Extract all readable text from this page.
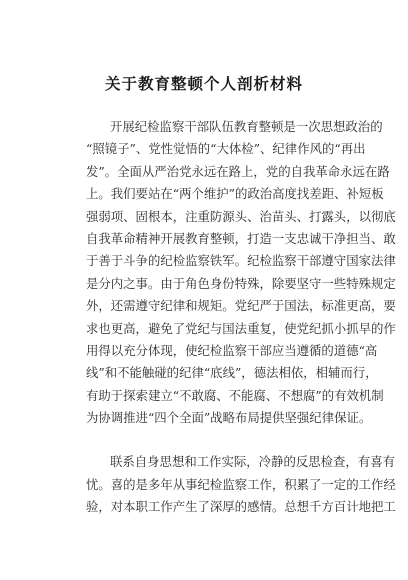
关于教育整顿个人剖析材料
开展纪检监察干部队伍教育整顿是一次思想政治的
“照镜子”、党性觉悟的“大体检”、纪律作风的“再出
发”。全面从严治党永远在路上，党的自我革命永远在路
上。我们要站在“两个维护”的政治高度找差距、补短板
强弱项、固根本，注重防源头、治苗头、打露头，以彻底
自我革命精神开展教育整顿，打造一支忠诚干净担当、敢
于善于斗争的纪检监察铁军。纪检监察干部遵守国家法律
是分内之事。由于角色身份特殊，除要坚守一些特殊规定
外，还需遵守纪律和规矩。党纪严于国法，标准更高，要
求也更高，避免了党纪与国法重复，使党纪抓小抓早的作
用得以充分体现，使纪检监察干部应当遵循的道德“高
线”和不能触碰的纪律“底线”，德法相依，相辅而行，
有助于探索建立“不敢腐、不能腐、不想腐”的有效机制
为协调推进“四个全面”战略布局提供坚强纪律保证。
联系自身思想和工作实际，冷静的反思检查，有喜有
忧。喜的是多年从事纪检监察工作，积累了一定的工作经
验，对本职工作产生了深厚的感情。总想千方百计地把工
